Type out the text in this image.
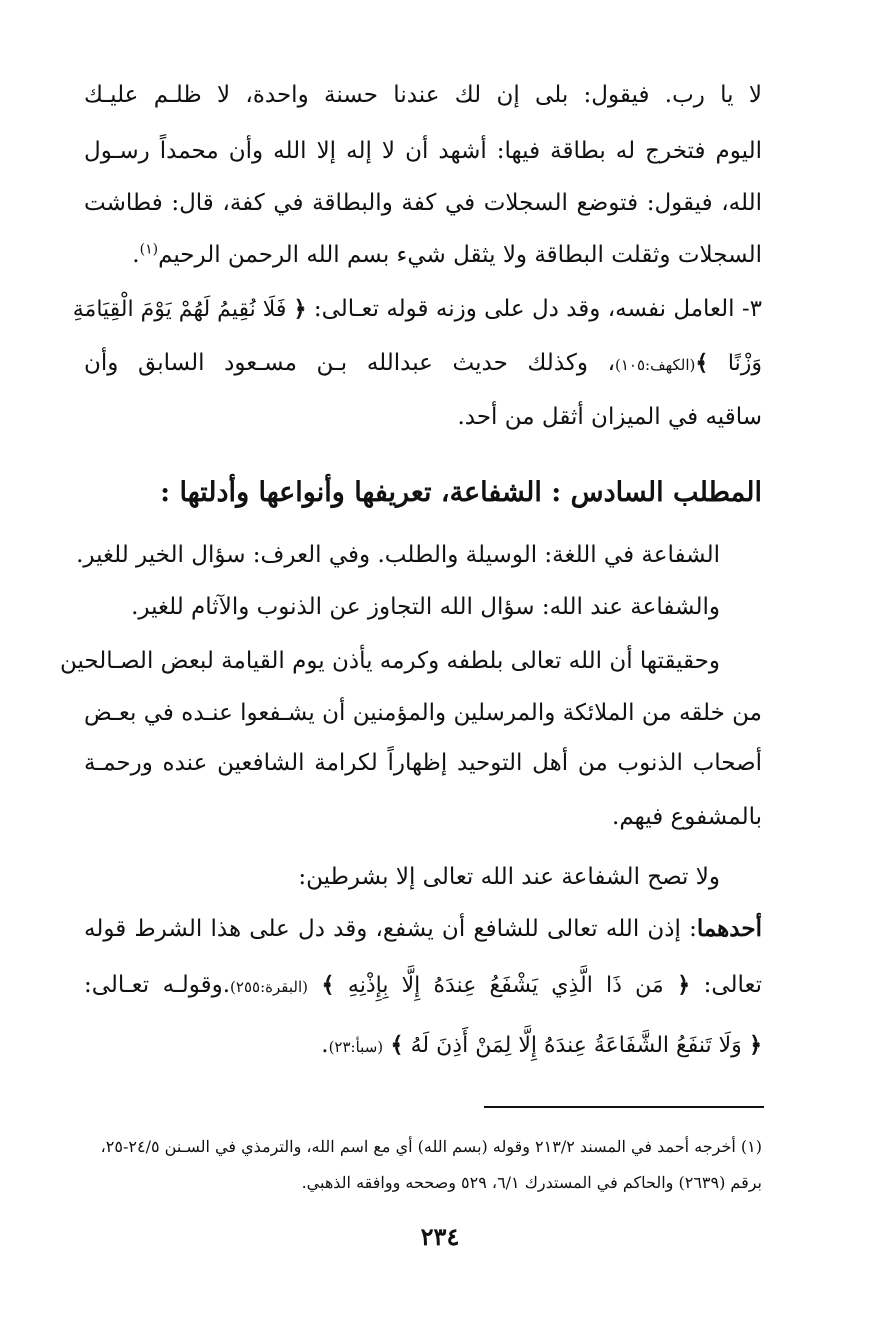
لا يا رب. فيقول: بلى إن لك عندنا حسنة واحدة، لا ظلـم عليـك
اليوم فتخرج له بطاقة فيها: أشهد أن لا إله إلا الله وأن محمداً رسـول
الله، فيقول: فتوضع السجلات في كفة والبطاقة في كفة، قال: فطاشت
السجلات وثقلت البطاقة ولا يثقل شيء بسم الله الرحمن الرحيم$^{(١)}$.
٣- العامل نفسه، وقد دل على وزنه قوله تعـالى: ﴿ فَلَا نُقِيمُ لَهُمْ يَوْمَ الْقِيَامَةِ
وَزْنًا ﴾(الكهف:١٠٥)، وكذلك حديث عبدالله بـن مسـعود السابق وأن
ساقيه في الميزان أثقل من أحد.
المطلب السادس : الشفاعة، تعريفها وأنواعها وأدلتها :
الشفاعة في اللغة: الوسيلة والطلب. وفي العرف: سؤال الخير للغير.
والشفاعة عند الله: سؤال الله التجاوز عن الذنوب والآثام للغير.
وحقيقتها أن الله تعالى بلطفه وكرمه يأذن يوم القيامة لبعض الصـالحين
من خلقه من الملائكة والمرسلين والمؤمنين أن يشـفعوا عنـده في بعـض
أصحاب الذنوب من أهل التوحيد إظهاراً لكرامة الشافعين عنده ورحمـة
بالمشفوع فيهم.
ولا تصح الشفاعة عند الله تعالى إلا بشرطين:
أحدهما: إذن الله تعالى للشافع أن يشفع، وقد دل على هذا الشرط قوله
تعالى: ﴿ مَن ذَا الَّذِي يَشْفَعُ عِندَهُ إِلَّا بِإِذْنِهِ ﴾ (البقرة:٢٥٥).وقولـه تعـالى:
﴿ وَلَا تَنفَعُ الشَّفَاعَةُ عِندَهُ إِلَّا لِمَنْ أَذِنَ لَهُ ﴾ (سبأ:٢٣).
(١) أخرجه أحمد في المسند ٢١٣/٢ وقوله (بسم الله) أي مع اسم الله، والترمذي في السـنن ٢٤/٥-٢٥،
برقم (٢٦٣٩) والحاكم في المستدرك ٦/١، ٥٢٩ وصححه ووافقه الذهبي.
٢٣٤
